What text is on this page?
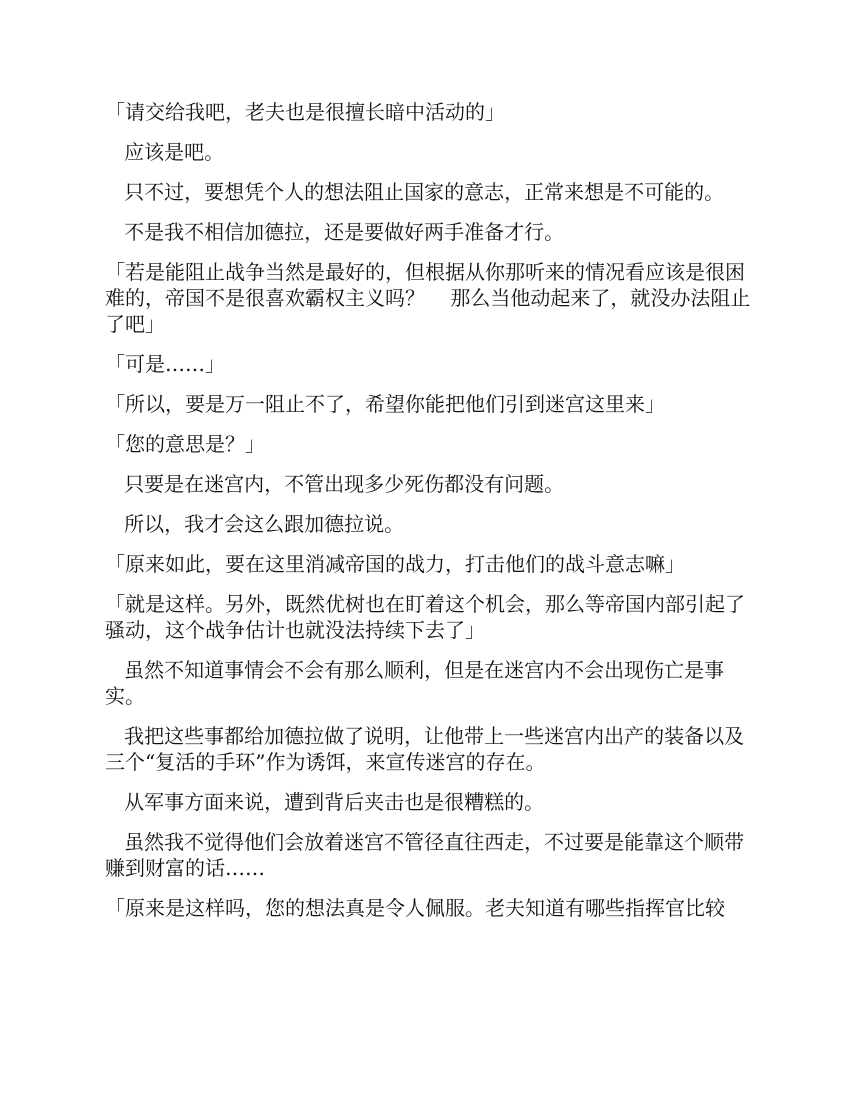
「请交给我吧，老夫也是很擅长暗中活动的」

应该是吧。

只不过，要想凭个人的想法阻止国家的意志，正常来想是不可能的。

不是我不相信加德拉，还是要做好两手准备才行。

「若是能阻止战争当然是最好的，但根据从你那听来的情况看应该是很困难的，帝国不是很喜欢霸权主义吗？    那么当他动起来了，就没办法阻止了吧」

「可是……」

「所以，要是万一阻止不了，希望你能把他们引到迷宫这里来」

「您的意思是？」

只要是在迷宫内，不管出现多少死伤都没有问题。

所以，我才会这么跟加德拉说。

「原来如此，要在这里消减帝国的战力，打击他们的战斗意志嘛」

「就是这样。另外，既然优树也在盯着这个机会，那么等帝国内部引起了骚动，这个战争估计也就没法持续下去了」

虽然不知道事情会不会有那么顺利，但是在迷宫内不会出现伤亡是事实。

我把这些事都给加德拉做了说明，让他带上一些迷宫内出产的装备以及三个“复活的手环”作为诱饵，来宣传迷宫的存在。

从军事方面来说，遭到背后夹击也是很糟糕的。

虽然我不觉得他们会放着迷宫不管径直往西走，不过要是能靠这个顺带赚到财富的话……

「原来是这样吗，您的想法真是令人佩服。老夫知道有哪些指挥官比较
